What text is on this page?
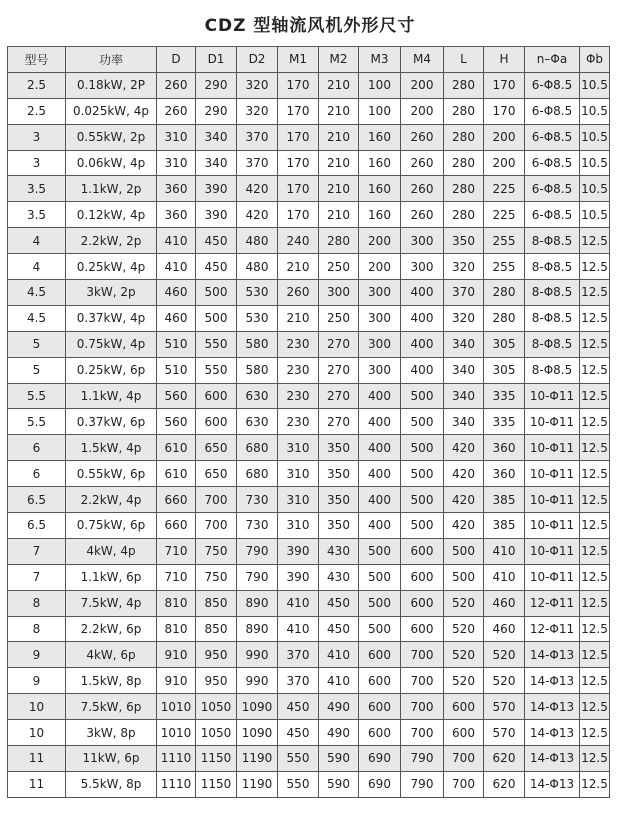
CDZ 型轴流风机外形尺寸
型号	功率	D	D1	D2	M1	M2	M3	M4	L	H	n–Φa	Φb
2.5	0.18kW, 2P	260	290	320	170	210	100	200	280	170	6-Φ8.5	10.5
2.5	0.025kW, 4p	260	290	320	170	210	100	200	280	170	6-Φ8.5	10.5
3	0.55kW, 2p	310	340	370	170	210	160	260	280	200	6-Φ8.5	10.5
3	0.06kW, 4p	310	340	370	170	210	160	260	280	200	6-Φ8.5	10.5
3.5	1.1kW, 2p	360	390	420	170	210	160	260	280	225	6-Φ8.5	10.5
3.5	0.12kW, 4p	360	390	420	170	210	160	260	280	225	6-Φ8.5	10.5
4	2.2kW, 2p	410	450	480	240	280	200	300	350	255	8-Φ8.5	12.5
4	0.25kW, 4p	410	450	480	210	250	200	300	320	255	8-Φ8.5	12.5
4.5	3kW, 2p	460	500	530	260	300	300	400	370	280	8-Φ8.5	12.5
4.5	0.37kW, 4p	460	500	530	210	250	300	400	320	280	8-Φ8.5	12.5
5	0.75kW, 4p	510	550	580	230	270	300	400	340	305	8-Φ8.5	12.5
5	0.25kW, 6p	510	550	580	230	270	300	400	340	305	8-Φ8.5	12.5
5.5	1.1kW, 4p	560	600	630	230	270	400	500	340	335	10-Φ11	12.5
5.5	0.37kW, 6p	560	600	630	230	270	400	500	340	335	10-Φ11	12.5
6	1.5kW, 4p	610	650	680	310	350	400	500	420	360	10-Φ11	12.5
6	0.55kW, 6p	610	650	680	310	350	400	500	420	360	10-Φ11	12.5
6.5	2.2kW, 4p	660	700	730	310	350	400	500	420	385	10-Φ11	12.5
6.5	0.75kW, 6p	660	700	730	310	350	400	500	420	385	10-Φ11	12.5
7	4kW, 4p	710	750	790	390	430	500	600	500	410	10-Φ11	12.5
7	1.1kW, 6p	710	750	790	390	430	500	600	500	410	10-Φ11	12.5
8	7.5kW, 4p	810	850	890	410	450	500	600	520	460	12-Φ11	12.5
8	2.2kW, 6p	810	850	890	410	450	500	600	520	460	12-Φ11	12.5
9	4kW, 6p	910	950	990	370	410	600	700	520	520	14-Φ13	12.5
9	1.5kW, 8p	910	950	990	370	410	600	700	520	520	14-Φ13	12.5
10	7.5kW, 6p	1010	1050	1090	450	490	600	700	600	570	14-Φ13	12.5
10	3kW, 8p	1010	1050	1090	450	490	600	700	600	570	14-Φ13	12.5
11	11kW, 6p	1110	1150	1190	550	590	690	790	700	620	14-Φ13	12.5
11	5.5kW, 8p	1110	1150	1190	550	590	690	790	700	620	14-Φ13	12.5
